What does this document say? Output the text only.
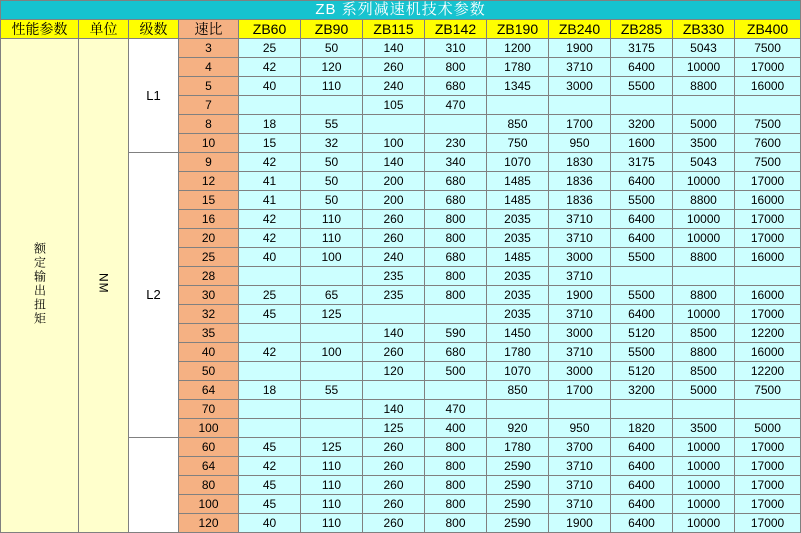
ZB 系列减速机技术参数												
性能参数	单位	级数	速比	ZB60	ZB90	ZB115	ZB142	ZB190	ZB240	ZB285	ZB330	ZB400
额定输出扭矩	NM	L1	3	25	50	140	310	1200	1900	3175	5043	7500
			4	42	120	260	800	1780	3710	6400	10000	17000
			5	40	110	240	680	1345	3000	5500	8800	16000
			7			105	470					
			8	18	55			850	1700	3200	5000	7500
			10	15	32	100	230	750	950	1600	3500	7600
		L2	9	42	50	140	340	1070	1830	3175	5043	7500
			12	41	50	200	680	1485	1836	6400	10000	17000
			15	41	50	200	680	1485	1836	5500	8800	16000
			16	42	110	260	800	2035	3710	6400	10000	17000
			20	42	110	260	800	2035	3710	6400	10000	17000
			25	40	100	240	680	1485	3000	5500	8800	16000
			28			235	800	2035	3710			
			30	25	65	235	800	2035	1900	5500	8800	16000
			32	45	125			2035	3710	6400	10000	17000
			35			140	590	1450	3000	5120	8500	12200
			40	42	100	260	680	1780	3710	5500	8800	16000
			50			120	500	1070	3000	5120	8500	12200
			64	18	55			850	1700	3200	5000	7500
			70			140	470					
			100			125	400	920	950	1820	3500	5000
			60	45	125	260	800	1780	3700	6400	10000	17000
			64	42	110	260	800	2590	3710	6400	10000	17000
			80	45	110	260	800	2590	3710	6400	10000	17000
			100	45	110	260	800	2590	3710	6400	10000	17000
			120	40	110	260	800	2590	1900	6400	10000	17000
